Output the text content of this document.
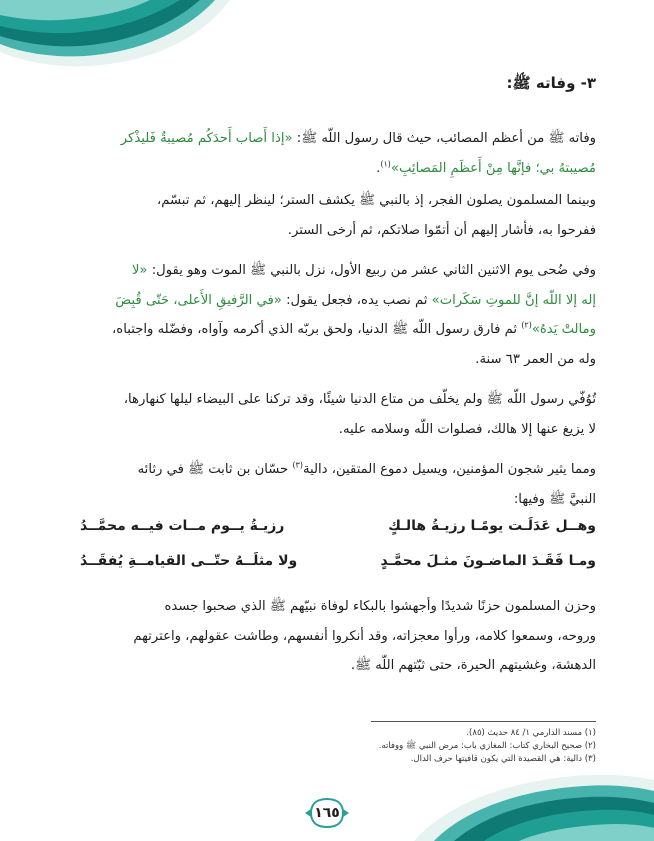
٣- وفاته ﷺ:
وفاته ﷺ من أعظم المصائب، حيث قال رسول اللّه ﷺ: «إذا أَصاب أَحدَكُم مُصيبةٌ فَليذْكر
مُصيبتهُ بي؛ فإنَّها مِنْ أَعظَمِ المَصائِبِ»$^{(١)}$.
وبينما المسلمون يصلون الفجر، إذ بالنبي ﷺ يكشف الستر؛ لينظر إليهم، ثم تبسّم،
ففرحوا به، فأشار إليهم أن أتمّوا صلاتكم، ثم أرخى الستر.
وفي ضُحى يوم الاثنين الثاني عشر من ربيع الأول، نزل بالنبي ﷺ الموت وهو يقول: «لا
إله إلا اللّه إنَّ للموتِ سَكَرات» ثم نصب يده، فجعل يقول: «في الرَّفيقِ الأَعلى، حَتّى قُبِضَ
ومالتْ يَدهُ»$^{(٢)}$ ثم فارق رسول اللّه ﷺ الدنيا، ولحق بربّه الذي أكرمه وآواه، وفضّله واجتباه،
وله من العمر ٦٣ سنة.
تُوُفّي رسول اللّه ﷺ ولم يخلّف من متاع الدنيا شيئًا، وقد تركنا على البيضاء ليلها كنهارها،
لا يزيغ عنها إلا هالك، فصلوات اللّه وسلامه عليه.
ومما يثير شجون المؤمنين، ويسيل دموع المتقين، دالية$^{(٣)}$ حسّان بن ثابت ﷺ في رثائه
النبيَّ ﷺ وفيها:
وهــل عَدَلَـت يومًـا رزيـةُ هالـكٍ
رزيـةُ يــوم مــات فيــه محمَّــدُ
ومـا فَقَـدَ الماضـونَ مثـلَ محمَّـدٍ
ولا مثلَــهُ حتّــى القيامــةِ يُفقَــدُ
وحزن المسلمون حزنًا شديدًا وأجهشوا بالبكاء لوفاة نبيّهم ﷺ الذي صحبوا جسده
وروحه، وسمعوا كلامه، ورأوا معجزاته، وقد أنكروا أنفسهم، وطاشت عقولهم، واعترتهم
الدهشة، وغشيتهم الحيرة، حتى ثبّتهم اللّه ﷺ.
(١) مسند الدارمي ١/ ٨٤ حديث (٨٥).
(٢) صحيح البخاري كتاب: المغازي باب: مرض النبي ﷺ ووفاته.
(٣) دالية: هي القصيدة التي يكون قافيتها حرف الدال.
١٦٥
